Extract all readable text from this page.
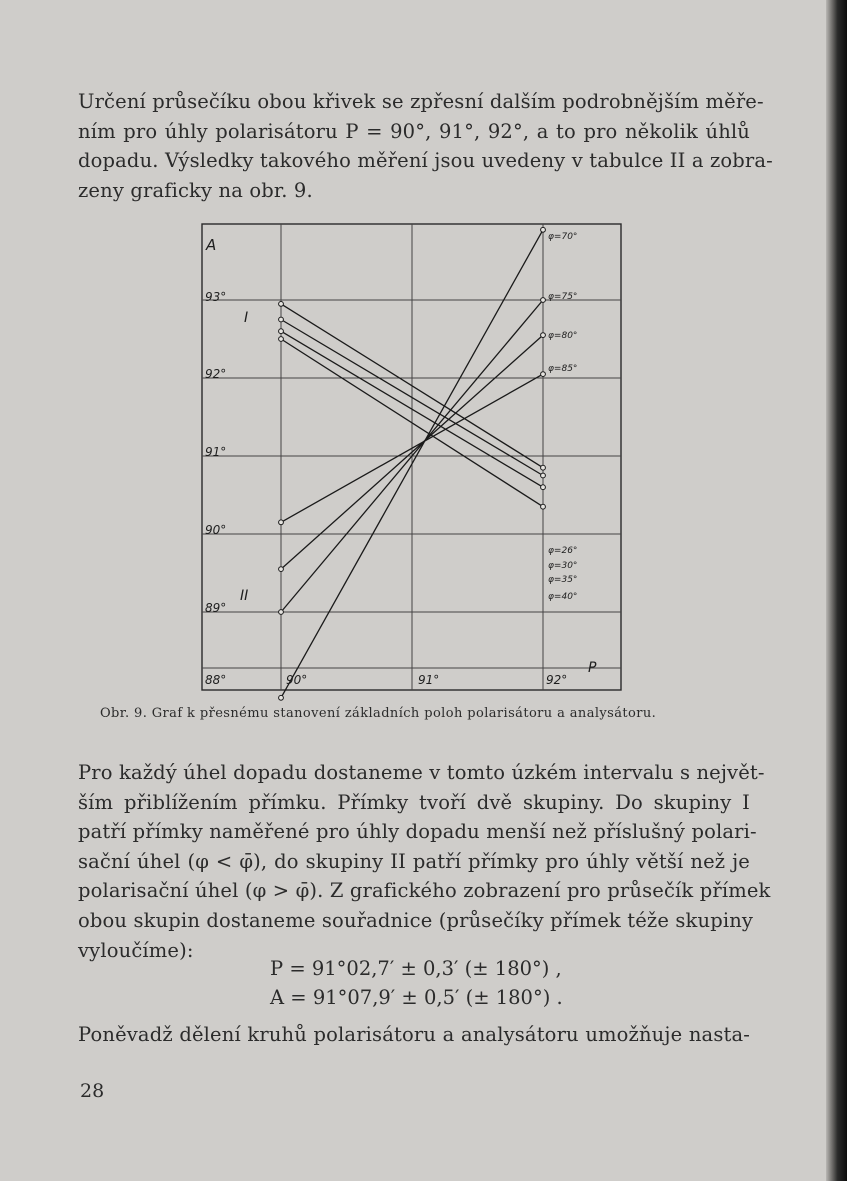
Určení průsečíku obou křivek se zpřesní dalším podrobnějším měře-
ním pro úhly polarisátoru P = 90°, 91°, 92°, a to pro několik úhlů
dopadu. Výsledky takového měření jsou uvedeny v tabulce II a zobra-
zeny graficky na obr. 9.
A
P
93°
92°
91°
90°
89°
88°	90°	91°	92°
I
II
φ=70°
φ=75°
φ=80°
φ=85°
φ=26°
φ=30°
φ=35°
φ=40°
Obr. 9. Graf k přesnému stanovení základních poloh polarisátoru a analysátoru.
Pro každý úhel dopadu dostaneme v tomto úzkém intervalu s největ-
ším přiblížením přímku. Přímky tvoří dvě skupiny. Do skupiny I
patří přímky naměřené pro úhly dopadu menší než příslušný polari-
sační úhel (φ < φ̄), do skupiny II patří přímky pro úhly větší než je
polarisační úhel (φ > φ̄). Z grafického zobrazení pro průsečík přímek
obou skupin dostaneme souřadnice (průsečíky přímek téže skupiny
vyloučíme):
P = 91°02,7′ ± 0,3′ (± 180°) ,
A = 91°07,9′ ± 0,5′ (± 180°) .
Poněvadž dělení kruhů polarisátoru a analysátoru umožňuje nasta-
28
